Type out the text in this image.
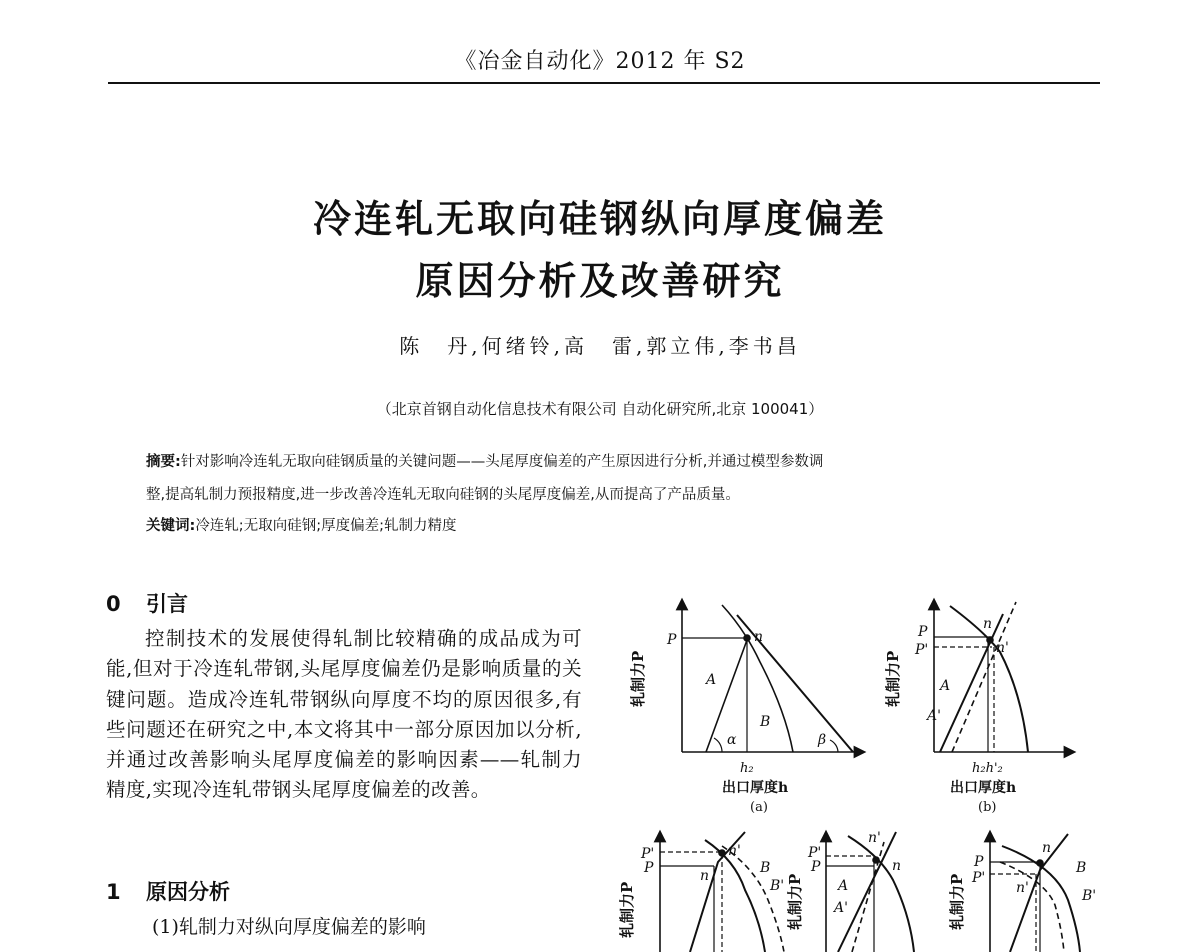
《冶金自动化》2012 年 S2
冷连轧无取向硅钢纵向厚度偏差
原因分析及改善研究
陈　丹,何绪铃,高　雷,郭立伟,李书昌
（北京首钢自动化信息技术有限公司 自动化研究所,北京 100041）
摘要:针对影响冷连轧无取向硅钢质量的关键问题——头尾厚度偏差的产生原因进行分析,并通过模型参数调
整,提高轧制力预报精度,进一步改善冷连轧无取向硅钢的头尾厚度偏差,从而提高了产品质量。
关键词:冷连轧;无取向硅钢;厚度偏差;轧制力精度
0 引言

控制技术的发展使得轧制比较精确的成品成为可能,但对于冷连轧带钢,头尾厚度偏差仍是影响质量的关键问题。造成冷连轧带钢纵向厚度不均的原因很多,有些问题还在研究之中,本文将其中一部分原因加以分析,并通过改善影响头尾厚度偏差的影响因素——轧制力精度,实现冷连轧带钢头尾厚度偏差的改善。

1 原因分析
(1)轧制力对纵向厚度偏差的影响
轧制力P
P	n
A
B
α	β
h₂
出口厚度h
(a)
轧制力P
P
P'
n
n'
A
A'
h₂h'₂
出口厚度h
(b)
轧制力P
P'
P
n'
n	B
B' 轧制力P
P'
P
n'
n
A
A'	轧制力P
P
P'
n
n'
B
B'
